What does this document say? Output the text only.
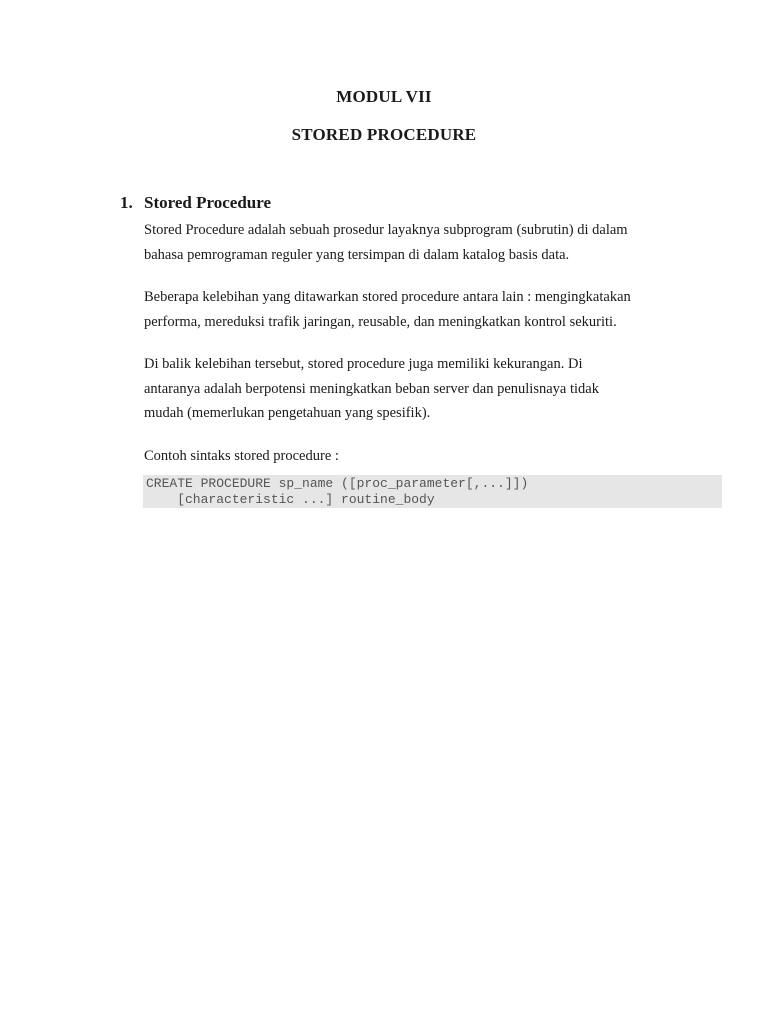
MODUL VII
STORED PROCEDURE
1. Stored Procedure

Stored Procedure adalah sebuah prosedur layaknya subprogram (subrutin) di dalam
bahasa pemrograman reguler yang tersimpan di dalam katalog basis data.

Beberapa kelebihan yang ditawarkan stored procedure antara lain : mengingkatakan
performa, mereduksi trafik jaringan, reusable, dan meningkatkan kontrol sekuriti.

Di balik kelebihan tersebut, stored procedure juga memiliki kekurangan. Di
antaranya adalah berpotensi meningkatkan beban server dan penulisnaya tidak
mudah (memerlukan pengetahuan yang spesifik).

Contoh sintaks stored procedure :

CREATE PROCEDURE sp_name ([proc_parameter[,...]])
[characteristic ...] routine_body
